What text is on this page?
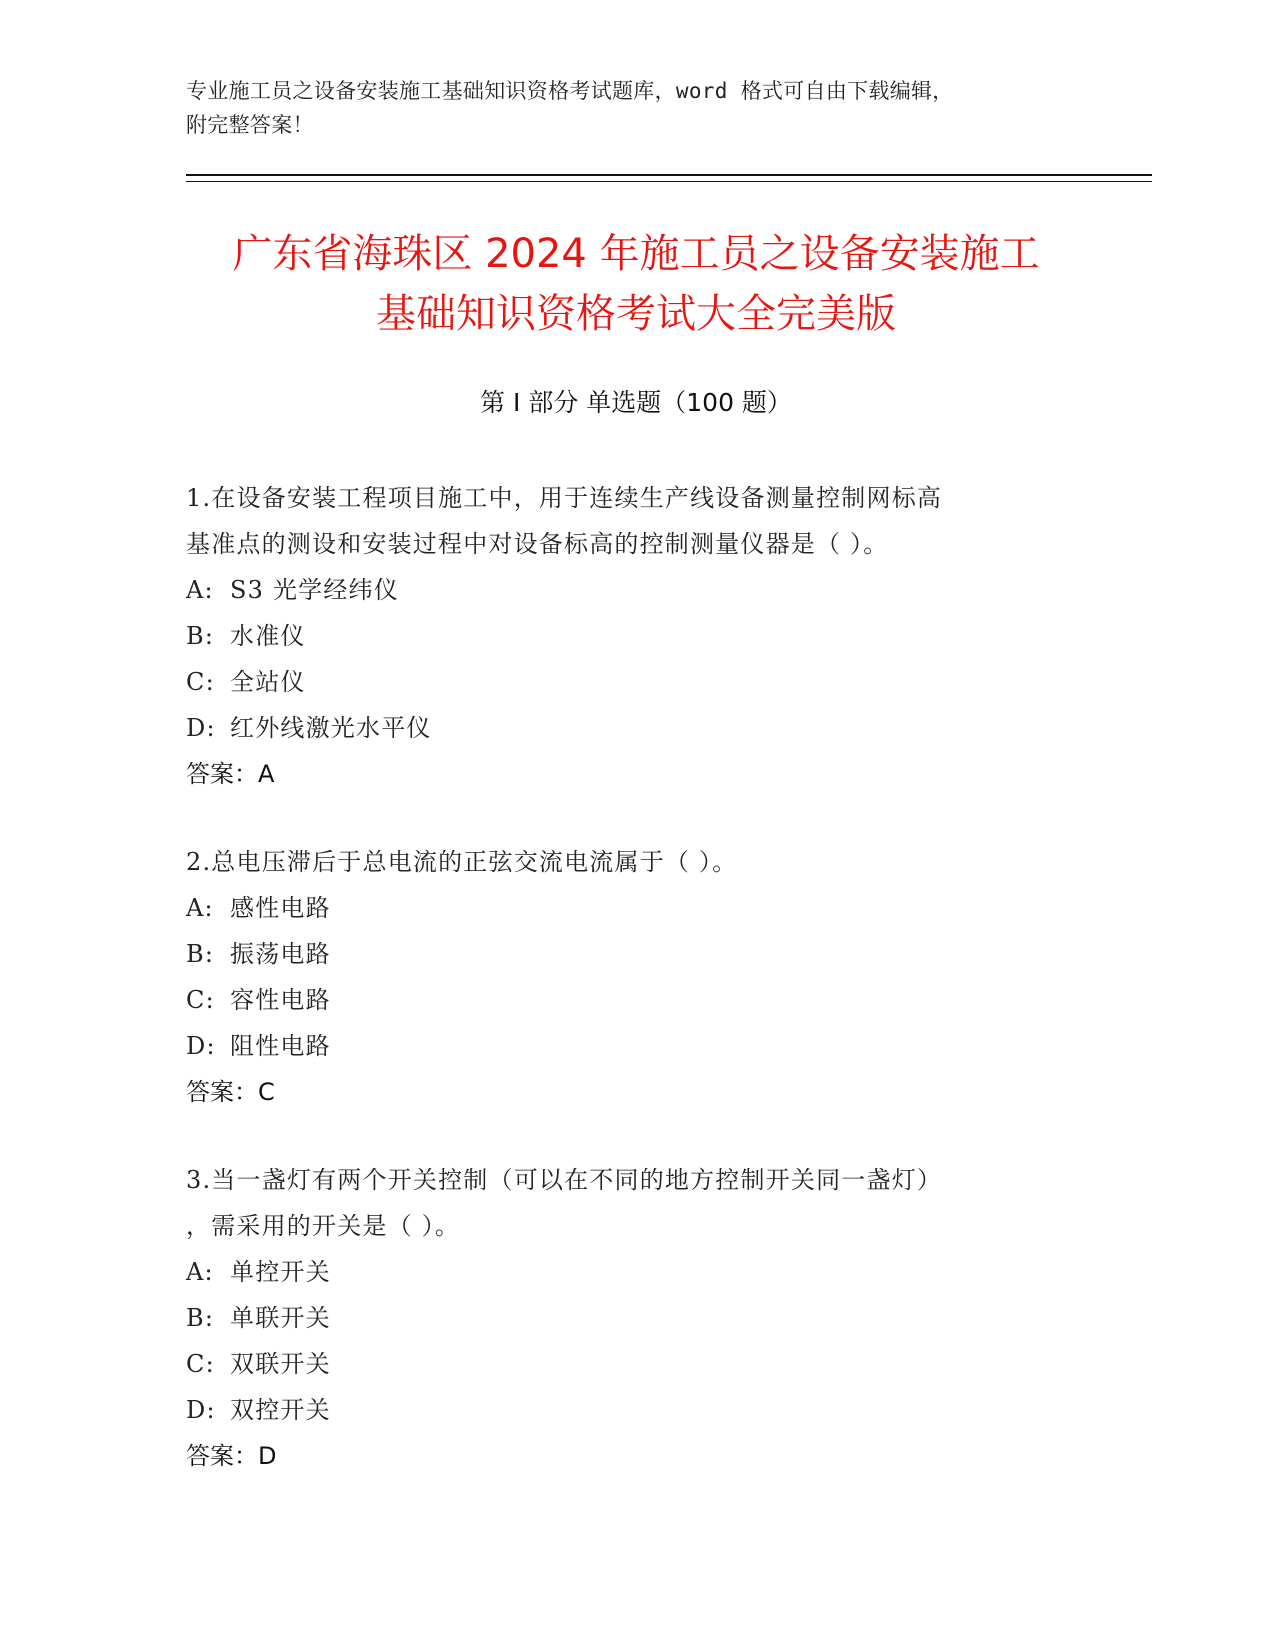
专业施工员之设备安装施工基础知识资格考试题库，word 格式可自由下载编辑，
附完整答案！
广东省海珠区 2024 年施工员之设备安装施工
基础知识资格考试大全完美版
第 I 部分 单选题（100 题）

1.在设备安装工程项目施工中，用于连续生产线设备测量控制网标高

基准点的测设和安装过程中对设备标高的控制测量仪器是（ ）。

A: S3 光学经纬仪

B: 水准仪

C: 全站仪

D: 红外线激光水平仪

答案：A

2.总电压滞后于总电流的正弦交流电流属于（ ）。

A: 感性电路

B: 振荡电路

C: 容性电路

D: 阻性电路

答案：C

3.当一盏灯有两个开关控制（可以在不同的地方控制开关同一盏灯）

，需采用的开关是（ ）。

A: 单控开关

B: 单联开关

C: 双联开关

D: 双控开关

答案：D
